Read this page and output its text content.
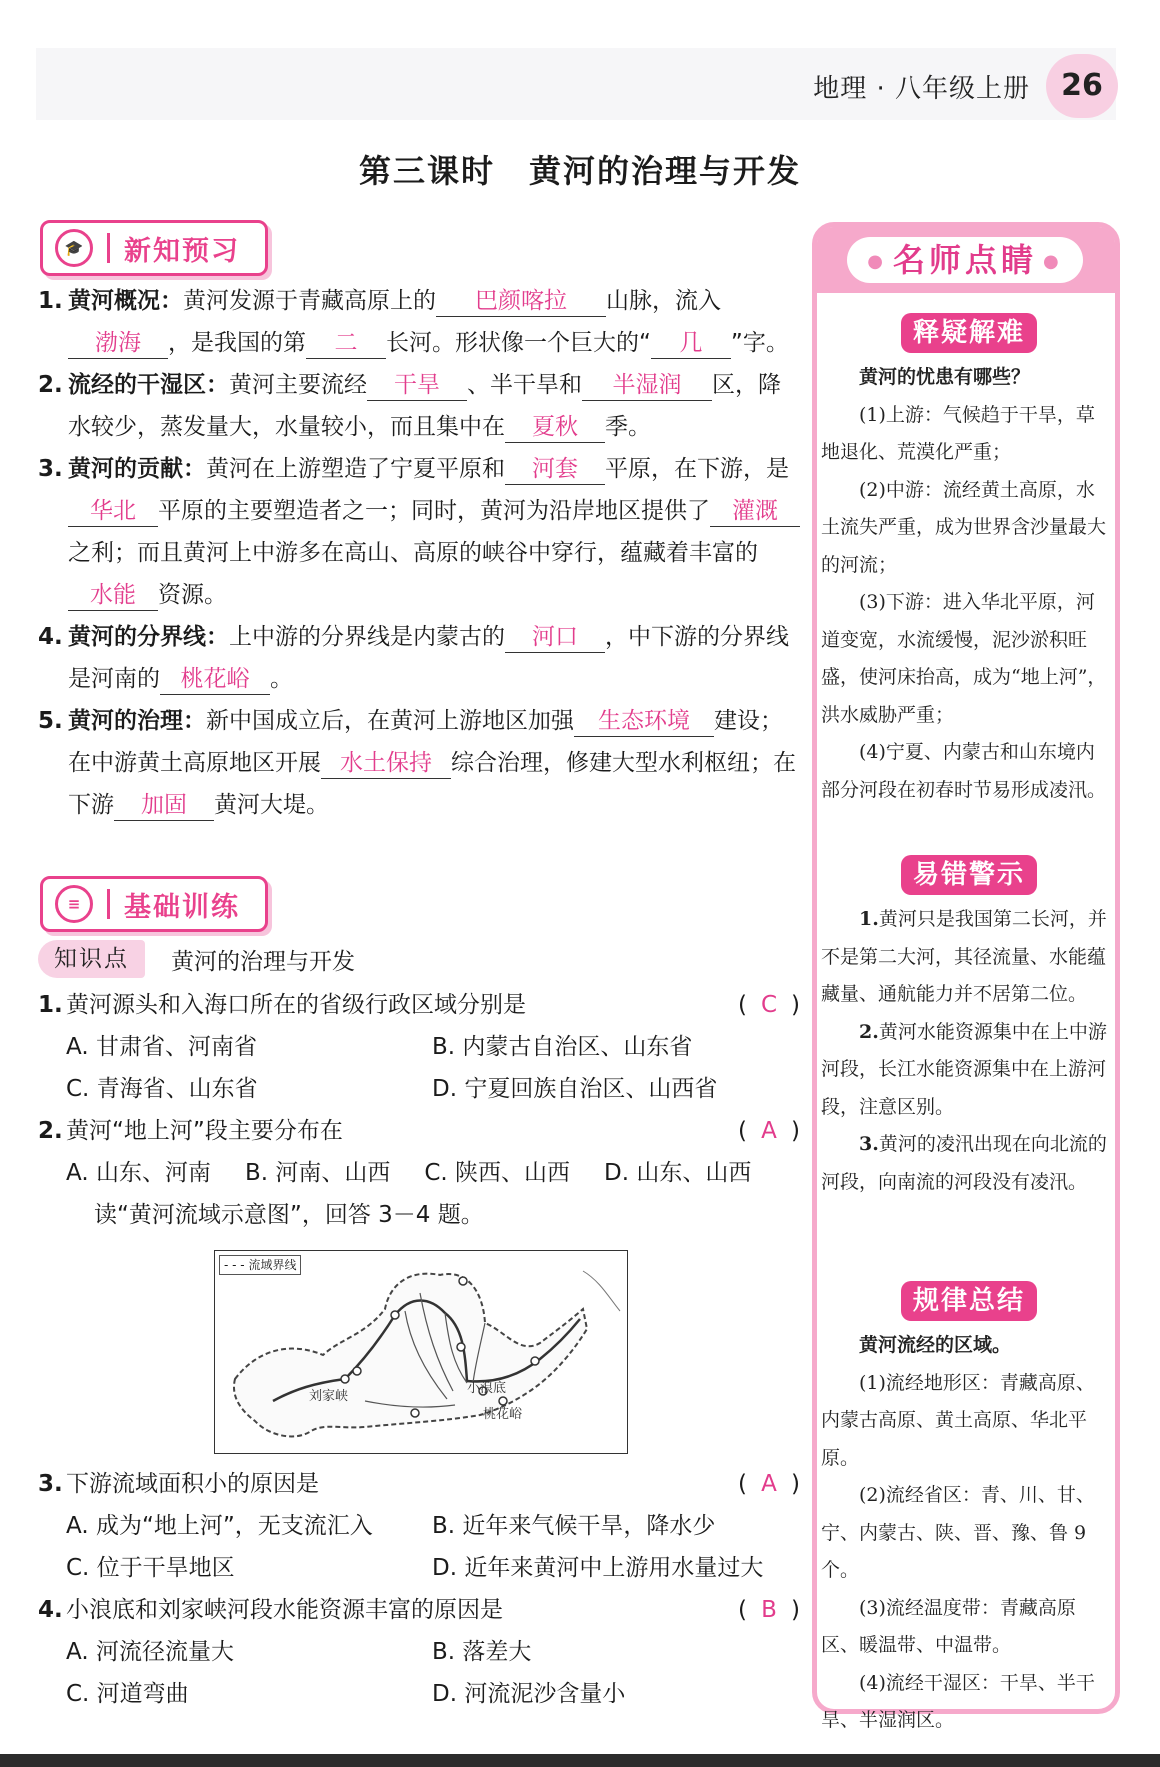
地理 · 八年级上册	26
第三课时　黄河的治理与开发
🎓	新知预习
1. 黄河概况：黄河发源于青藏高原上的 巴颜喀拉 山脉，流入
渤海 ，是我国的第 二 长河。形状像一个巨大的“ 几 ”字。
2. 流经的干湿区：黄河主要流经 干旱 、半干旱和 半湿润 区，降水较少，蒸发量大，水量较小，而且集中在 夏秋 季。
3. 黄河的贡献：黄河在上游塑造了宁夏平原和 河套 平原，在下游，是华北 平原的主要塑造者之一；同时，黄河为沿岸地区提供了 灌溉之利；而且黄河上中游多在高山、高原的峡谷中穿行，蕴藏着丰富的水能 资源。
4. 黄河的分界线：上中游的分界线是内蒙古的 河口 ，中下游的分界线是河南的 桃花峪 。
5. 黄河的治理：新中国成立后，在黄河上游地区加强 生态环境 建设；在中游黄土高原地区开展 水土保持 综合治理，修建大型水利枢纽；在下游 加固 黄河大堤。
≡	基础训练
知识点	黄河的治理与开发
1. 黄河源头和入海口所在的省级行政区域分别是	( C )
A. 甘肃省、河南省	B. 内蒙古自治区、山东省
C. 青海省、山东省	D. 宁夏回族自治区、山西省
2. 黄河“地上河”段主要分布在	( A )
A. 山东、河南 B. 河南、山西 C. 陕西、山西 D. 山东、山西
读“黄河流域示意图”，回答 3－4 题。
- - - 流域界线
刘家峡
小浪底
桃花峪
3. 下游流域面积小的原因是	( A )
A. 成为“地上河”，无支流汇入	B. 近年来气候干旱，降水少
C. 位于干旱地区	D. 近年来黄河中上游用水量过大
4. 小浪底和刘家峡河段水能资源丰富的原因是	( B )
A. 河流径流量大	B. 落差大
C. 河道弯曲	D. 河流泥沙含量小
● 名师点睛 ●
释疑解难

黄河的忧患有哪些？

(1)上游：气候趋于干旱，草地退化、荒漠化严重；

(2)中游：流经黄土高原，水土流失严重，成为世界含沙量最大的河流；

(3)下游：进入华北平原，河道变宽，水流缓慢，泥沙淤积旺盛，使河床抬高，成为“地上河”，洪水威胁严重；

(4)宁夏、内蒙古和山东境内部分河段在初春时节易形成凌汛。

易错警示

1.黄河只是我国第二长河，并不是第二大河，其径流量、水能蕴藏量、通航能力并不居第二位。

2.黄河水能资源集中在上中游河段，长江水能资源集中在上游河段，注意区别。

3.黄河的凌汛出现在向北流的河段，向南流的河段没有凌汛。

规律总结

黄河流经的区域。

(1)流经地形区：青藏高原、内蒙古高原、黄土高原、华北平原。

(2)流经省区：青、川、甘、宁、内蒙古、陕、晋、豫、鲁 9 个。

(3)流经温度带：青藏高原区、暖温带、中温带。

(4)流经干湿区：干旱、半干旱、半湿润区。
